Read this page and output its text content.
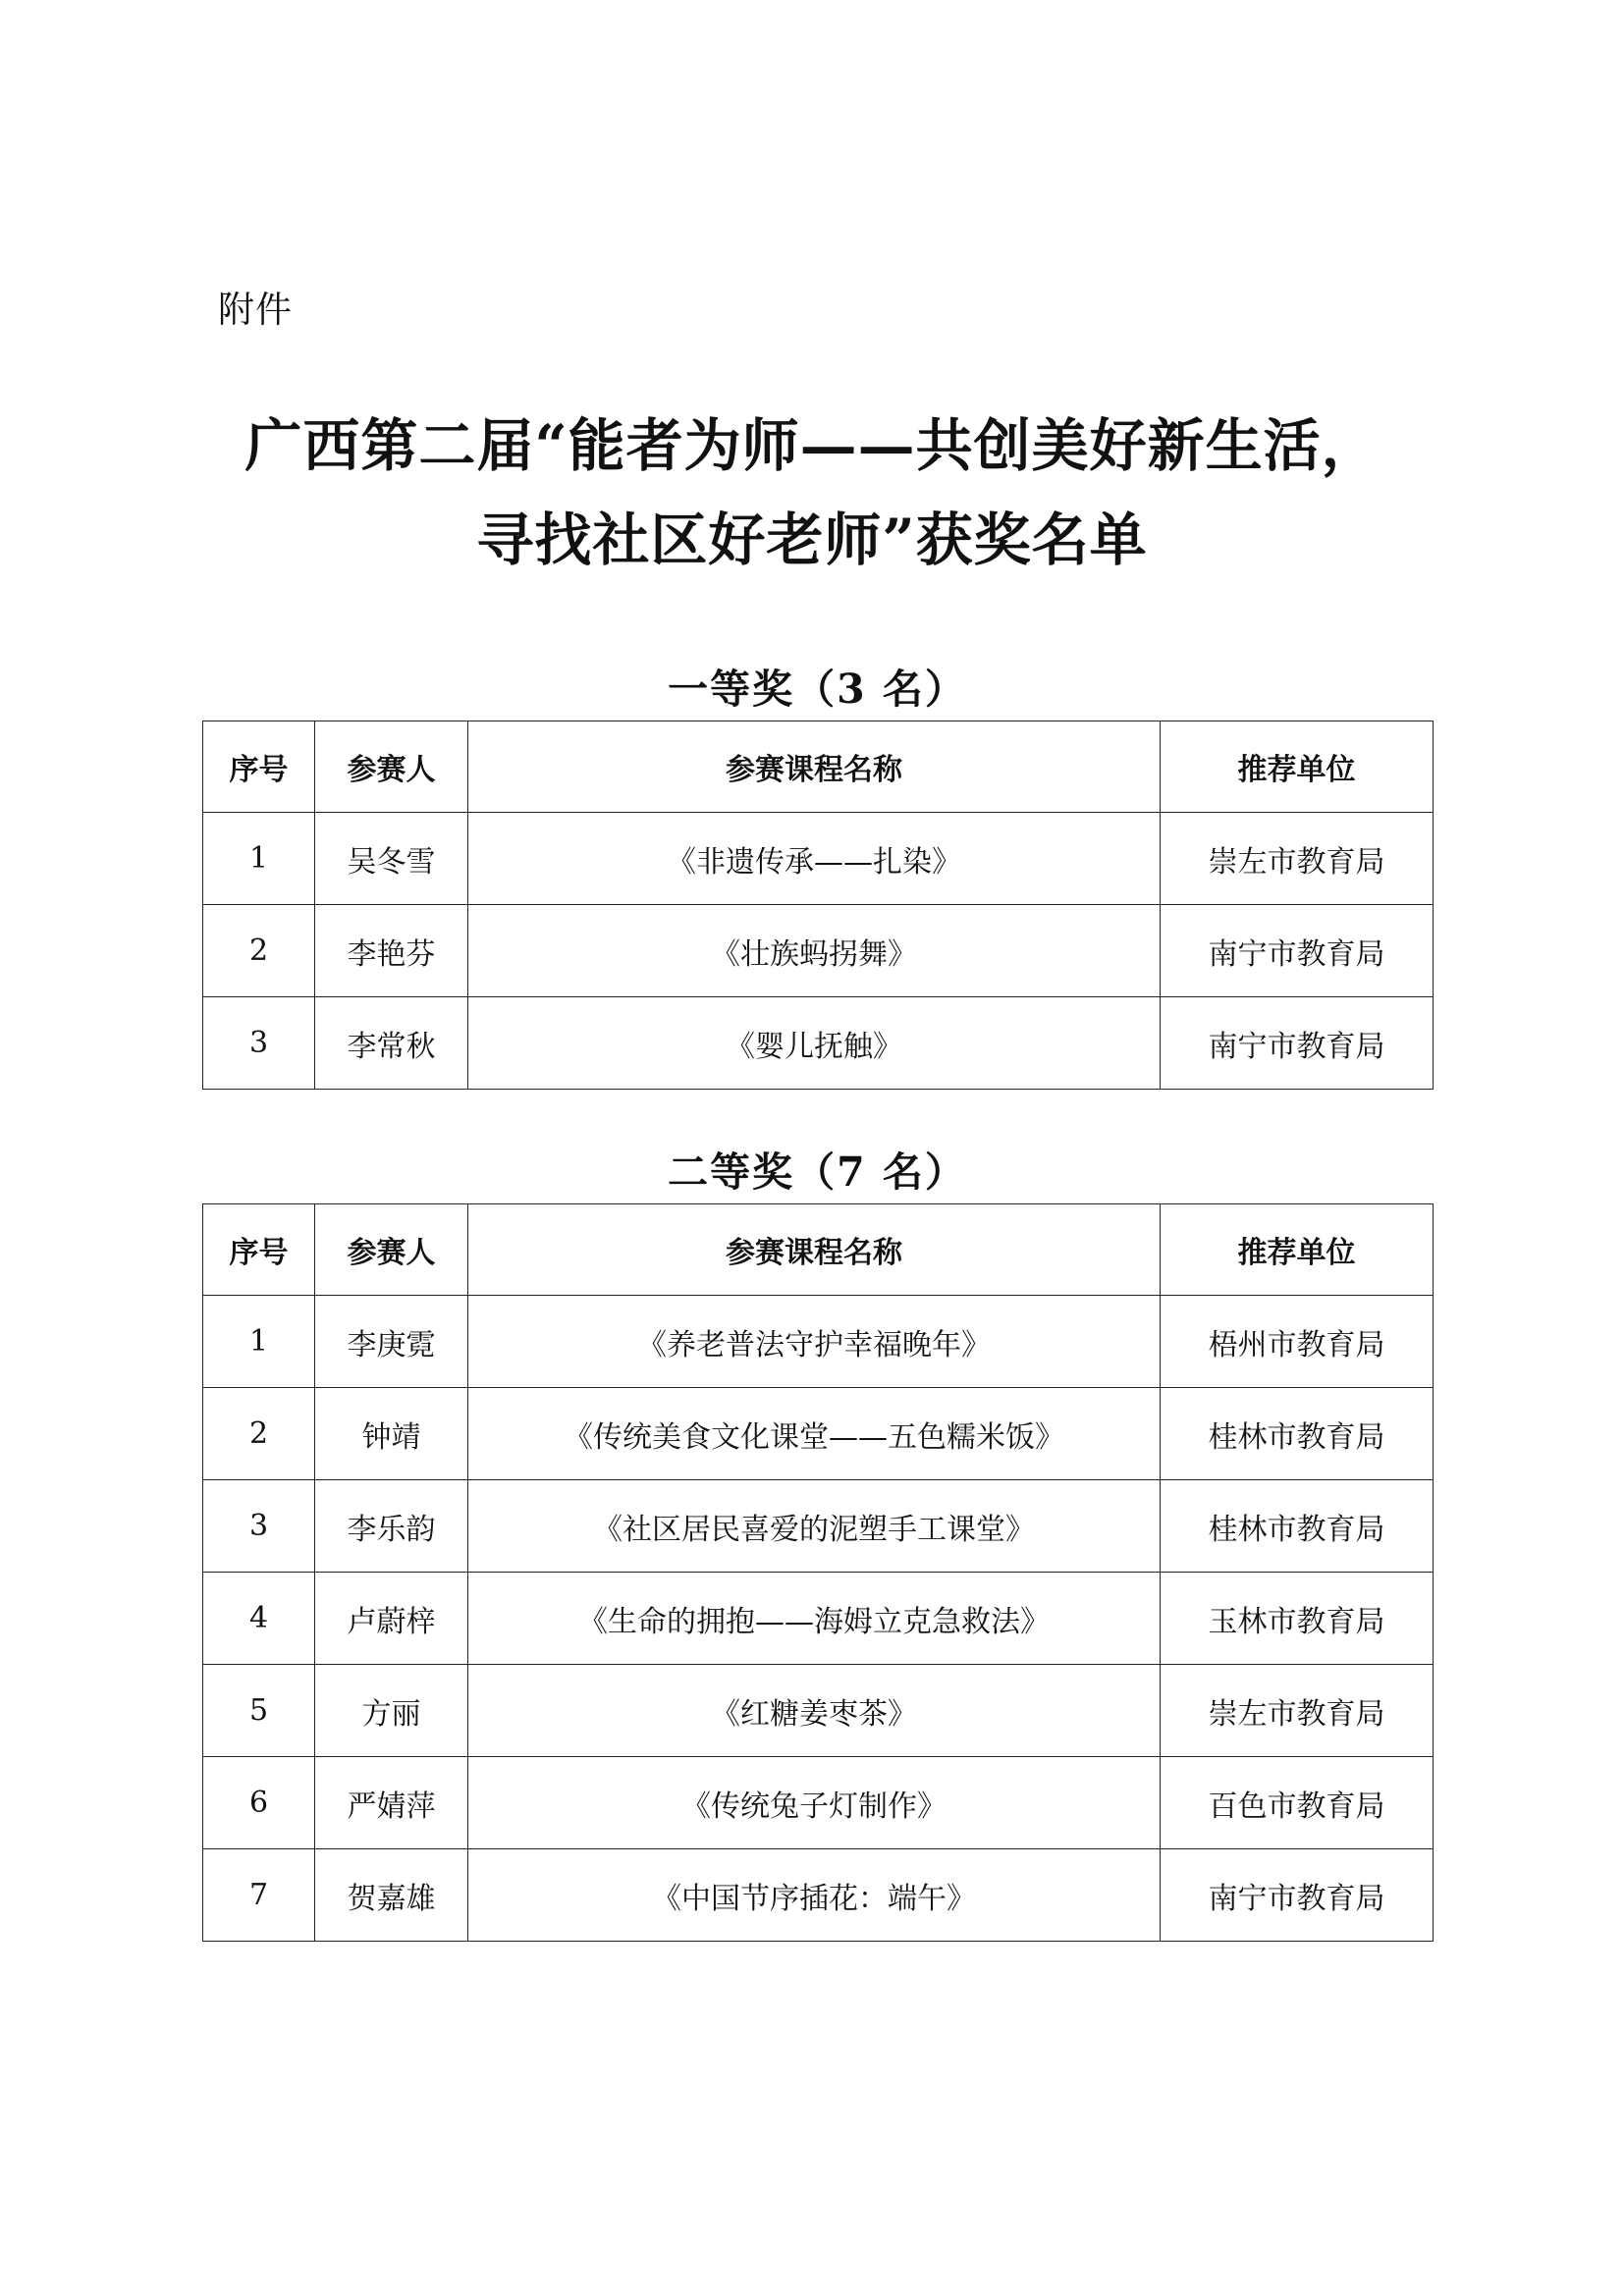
附件
广西第二届“能者为师——共创美好新生活，
寻找社区好老师”获奖名单
一等奖（3 名）
序号	参赛人	参赛课程名称	推荐单位
1	吴冬雪	《非遗传承——扎染》	崇左市教育局
2	李艳芬	《壮族蚂拐舞》	南宁市教育局
3	李常秋	《婴儿抚触》	南宁市教育局
二等奖（7 名）
序号	参赛人	参赛课程名称	推荐单位
1	李庚霓	《养老普法守护幸福晚年》	梧州市教育局
2	钟靖	《传统美食文化课堂——五色糯米饭》	桂林市教育局
3	李乐韵	《社区居民喜爱的泥塑手工课堂》	桂林市教育局
4	卢蔚梓	《生命的拥抱——海姆立克急救法》	玉林市教育局
5	方丽	《红糖姜枣茶》	崇左市教育局
6	严婧萍	《传统兔子灯制作》	百色市教育局
7	贺嘉雄	《中国节序插花：端午》	南宁市教育局
